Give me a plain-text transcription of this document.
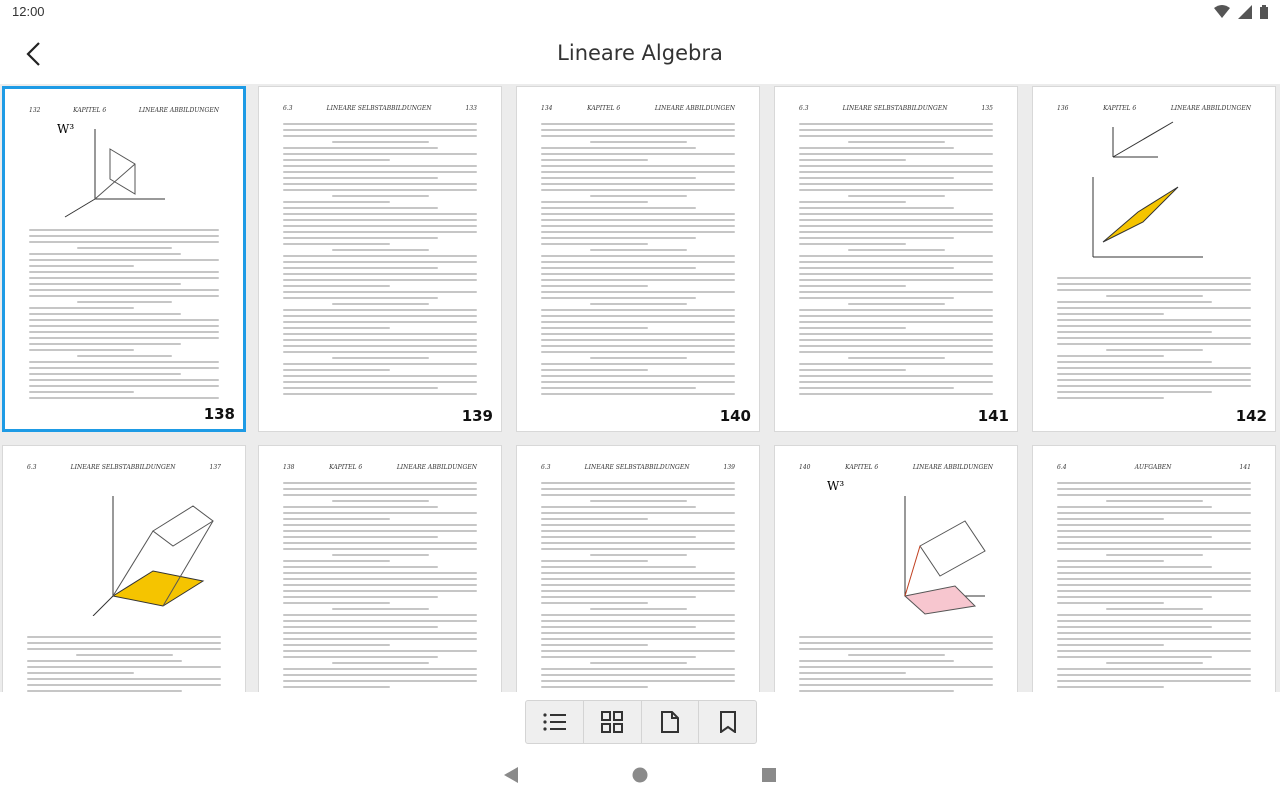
12:00
Lineare Algebra
132	KAPITEL 6	LINEARE ABBILDUNGEN
W³
138
6.3	LINEARE SELBSTABBILDUNGEN	133
139
134	KAPITEL 6	LINEARE ABBILDUNGEN
140
6.3	LINEARE SELBSTABBILDUNGEN	135
141
136	KAPITEL 6	LINEARE ABBILDUNGEN
142
6.3	LINEARE SELBSTABBILDUNGEN	137	138	KAPITEL 6	LINEARE ABBILDUNGEN	6.3	LINEARE SELBSTABBILDUNGEN	139	140	KAPITEL 6	LINEARE ABBILDUNGEN
W³
6.4	AUFGABEN	141
